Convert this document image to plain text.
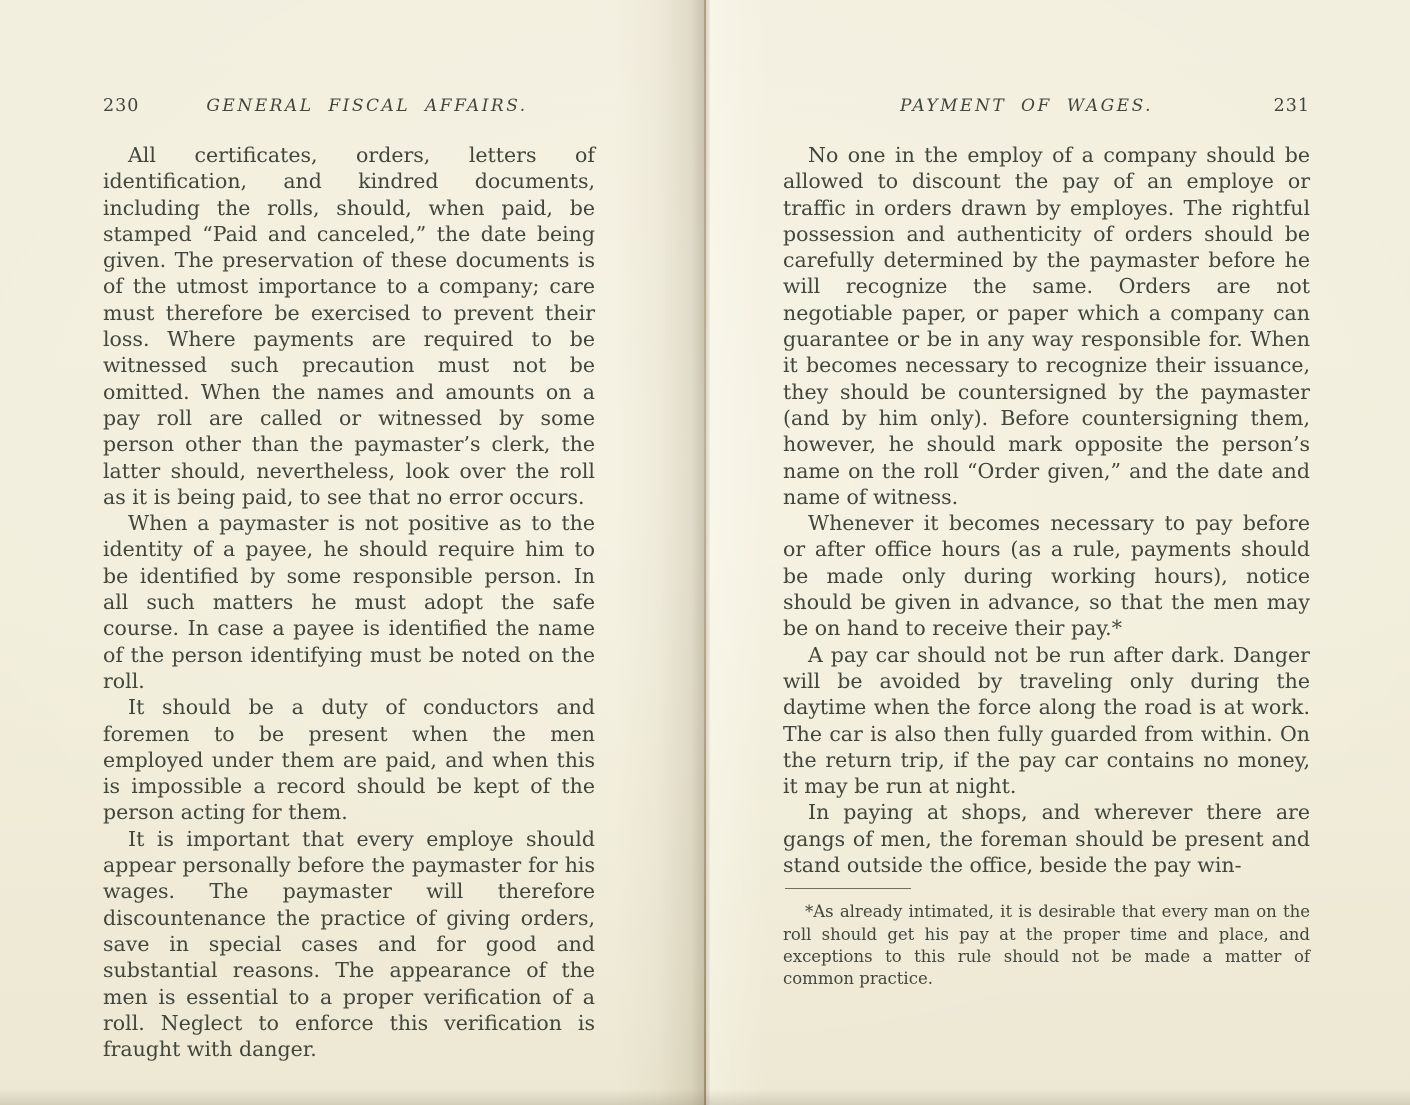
230	GENERAL FISCAL AFFAIRS.

All certificates, orders, letters of identification, and kindred documents, including the rolls, should, when paid, be stamped “Paid and canceled,” the date being given. The preservation of these documents is of the utmost importance to a company; care must therefore be exercised to prevent their loss. Where payments are required to be witnessed such precaution must not be omitted. When the names and amounts on a pay roll are called or witnessed by some person other than the paymaster’s clerk, the latter should, nevertheless, look over the roll as it is being paid, to see that no error occurs.

When a paymaster is not positive as to the identity of a payee, he should require him to be identified by some responsible person. In all such matters he must adopt the safe course. In case a payee is identified the name of the person identifying must be noted on the roll.

It should be a duty of conductors and foremen to be present when the men employed under them are paid, and when this is impossible a record should be kept of the person acting for them.

It is important that every employe should appear personally before the paymaster for his wages. The paymaster will therefore discountenance the practice of giving orders, save in special cases and for good and substantial reasons. The appearance of the men is essential to a proper verification of a roll. Neglect to enforce this verification is fraught with danger.

PAYMENT OF WAGES.	231

No one in the employ of a company should be allowed to discount the pay of an employe or traffic in orders drawn by employes. The rightful possession and authenticity of orders should be carefully determined by the paymaster before he will recognize the same. Orders are not negotiable paper, or paper which a company can guarantee or be in any way responsible for. When it becomes necessary to recognize their issuance, they should be countersigned by the paymaster (and by him only). Before countersigning them, however, he should mark opposite the person’s name on the roll “Order given,” and the date and name of witness.

Whenever it becomes necessary to pay before or after office hours (as a rule, payments should be made only during working hours), notice should be given in advance, so that the men may be on hand to receive their pay.*

A pay car should not be run after dark. Danger will be avoided by traveling only during the daytime when the force along the road is at work. The car is also then fully guarded from within. On the return trip, if the pay car contains no money, it may be run at night.

In paying at shops, and wherever there are gangs of men, the foreman should be present and stand outside the office, beside the pay win-

*As already intimated, it is desirable that every man on the roll should get his pay at the proper time and place, and exceptions to this rule should not be made a matter of common practice.
